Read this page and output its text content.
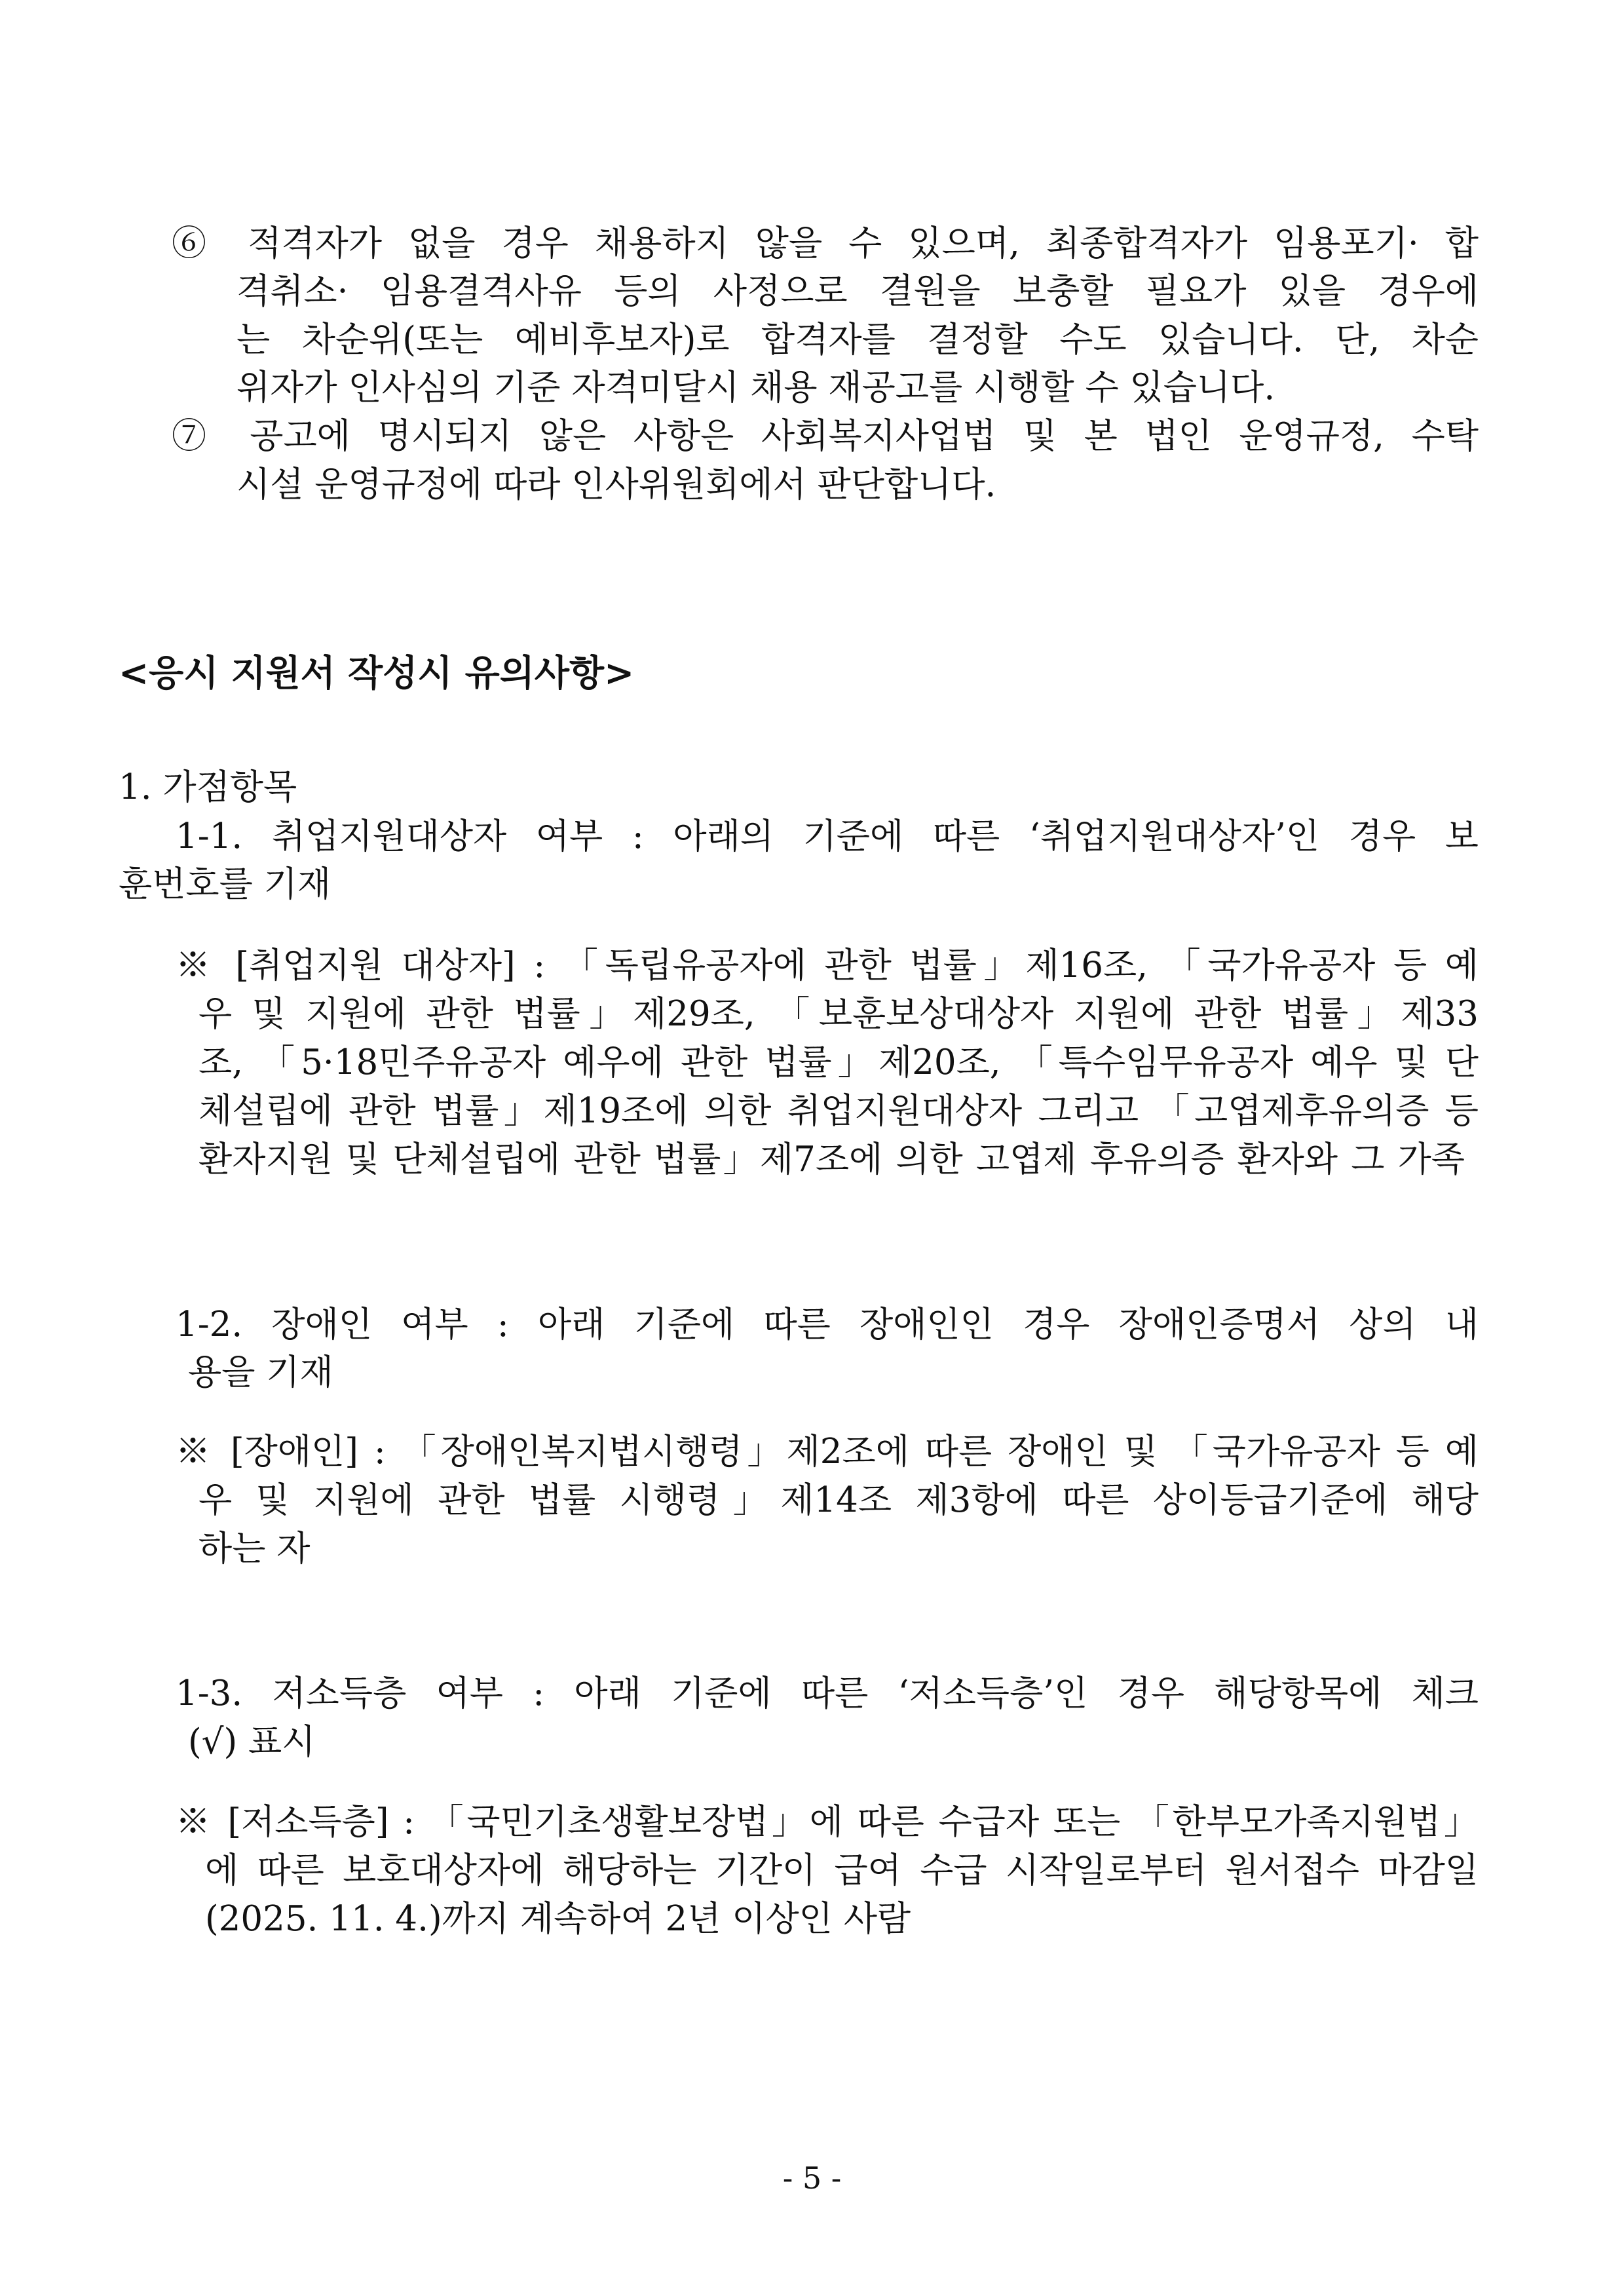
⑥ 적격자가 없을 경우 채용하지 않을 수 있으며, 최종합격자가 임용포기· 합
격취소· 임용결격사유 등의 사정으로 결원을 보충할 필요가 있을 경우에
는 차순위(또는 예비후보자)로 합격자를 결정할 수도 있습니다. 단, 차순
위자가 인사심의 기준 자격미달시 채용 재공고를 시행할 수 있습니다.
⑦ 공고에 명시되지 않은 사항은 사회복지사업법 및 본 법인 운영규정, 수탁
시설 운영규정에 따라 인사위원회에서 판단합니다.
<응시 지원서 작성시 유의사항>
1. 가점항목
1-1. 취업지원대상자 여부 : 아래의 기준에 따른 ‘취업지원대상자’인 경우 보
훈번호를 기재
※ [취업지원 대상자] : 「독립유공자에 관한 법률」제16조, 「국가유공자 등 예
우 및 지원에 관한 법률」제29조, 「보훈보상대상자 지원에 관한 법률」제33
조, 「5·18민주유공자 예우에 관한 법률」제20조, 「특수임무유공자 예우 및 단
체설립에 관한 법률」제19조에 의한 취업지원대상자 그리고 「고엽제후유의증 등
환자지원 및 단체설립에 관한 법률」제7조에 의한 고엽제 후유의증 환자와 그 가족
1-2. 장애인 여부 : 아래 기준에 따른 장애인인 경우 장애인증명서 상의 내
용을 기재
※ [장애인] : 「장애인복지법시행령」제2조에 따른 장애인 및 「국가유공자 등 예
우 및 지원에 관한 법률 시행령」제14조 제3항에 따른 상이등급기준에 해당
하는 자
1-3. 저소득층 여부 : 아래 기준에 따른 ‘저소득층’인 경우 해당항목에 체크
(√) 표시
※ [저소득층] : 「국민기초생활보장법」에 따른 수급자 또는 「한부모가족지원법」
에 따른 보호대상자에 해당하는 기간이 급여 수급 시작일로부터 원서접수 마감일
(2025. 11. 4.)까지 계속하여 2년 이상인 사람
- 5 -
